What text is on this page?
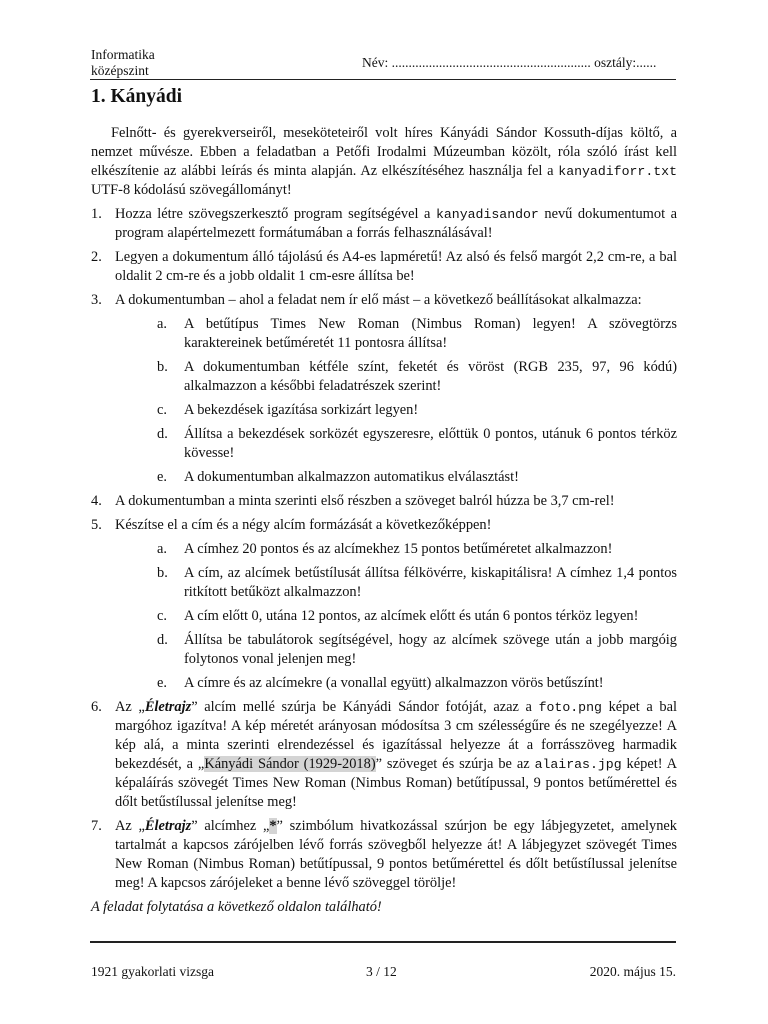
Informatika
középszint	Név: ........................................................... osztály:......
1. Kányádi

Felnőtt- és gyerekverseiről, meseköteteiről volt híres Kányádi Sándor Kossuth-díjas költő, a nemzet művésze. Ebben a feladatban a Petőfi Irodalmi Múzeumban közölt, róla szóló írást kell elkészítenie az alábbi leírás és minta alapján. Az elkészítéséhez használja fel a kanyadiforr.txt UTF-8 kódolású szövegállományt!

1. Hozza létre szövegszerkesztő program segítségével a kanyadisandor nevű dokumentumot a program alapértelmezett formátumában a forrás felhasználásával!
2. Legyen a dokumentum álló tájolású és A4-es lapméretű! Az alsó és felső margót 2,2 cm-re, a bal oldalit 2 cm-re és a jobb oldalit 1 cm-esre állítsa be!
3. A dokumentumban – ahol a feladat nem ír elő mást – a következő beállításokat alkalmazza:
a.	A betűtípus Times New Roman (Nimbus Roman) legyen! A szövegtörzs karaktereinek betűméretét 11 pontosra állítsa!
b.	A dokumentumban kétféle színt, feketét és vöröst (RGB 235, 97, 96 kódú) alkalmazzon a későbbi feladatrészek szerint!
c.	A bekezdések igazítása sorkizárt legyen!
d.	Állítsa a bekezdések sorközét egyszeresre, előttük 0 pontos, utánuk 6 pontos térköz kövesse!
e.	A dokumentumban alkalmazzon automatikus elválasztást!
4. A dokumentumban a minta szerinti első részben a szöveget balról húzza be 3,7 cm-rel!
5. Készítse el a cím és a négy alcím formázását a következőképpen!
a.	A címhez 20 pontos és az alcímekhez 15 pontos betűméretet alkalmazzon!
b.	A cím, az alcímek betűstílusát állítsa félkövérre, kiskapitálisra! A címhez 1,4 pontos ritkított betűközt alkalmazzon!
c.	A cím előtt 0, utána 12 pontos, az alcímek előtt és után 6 pontos térköz legyen!
d.	Állítsa be tabulátorok segítségével, hogy az alcímek szövege után a jobb margóig folytonos vonal jelenjen meg!
e.	A címre és az alcímekre (a vonallal együtt) alkalmazzon vörös betűszínt!
6. Az „Életrajz” alcím mellé szúrja be Kányádi Sándor fotóját, azaz a foto.png képet a bal margóhoz igazítva! A kép méretét arányosan módosítsa 3 cm szélességűre és ne szegélyezze! A kép alá, a minta szerinti elrendezéssel és igazítással helyezze át a forrásszöveg harmadik bekezdését, a „Kányádi Sándor (1929-2018)” szöveget és szúrja be az alairas.jpg képet! A képaláírás szövegét Times New Roman (Nimbus Roman) betűtípussal, 9 pontos betűmérettel és dőlt betűstílussal jelenítse meg!
7. Az „Életrajz” alcímhez „*” szimbólum hivatkozással szúrjon be egy lábjegyzetet, amelynek tartalmát a kapcsos zárójelben lévő forrás szövegből helyezze át! A lábjegyzet szövegét Times New Roman (Nimbus Roman) betűtípussal, 9 pontos betűmérettel és dőlt betűstílussal jelenítse meg! A kapcsos zárójeleket a benne lévő szöveggel törölje!

A feladat folytatása a következő oldalon található!

1921 gyakorlati vizsga	3 / 12	2020. május 15.
